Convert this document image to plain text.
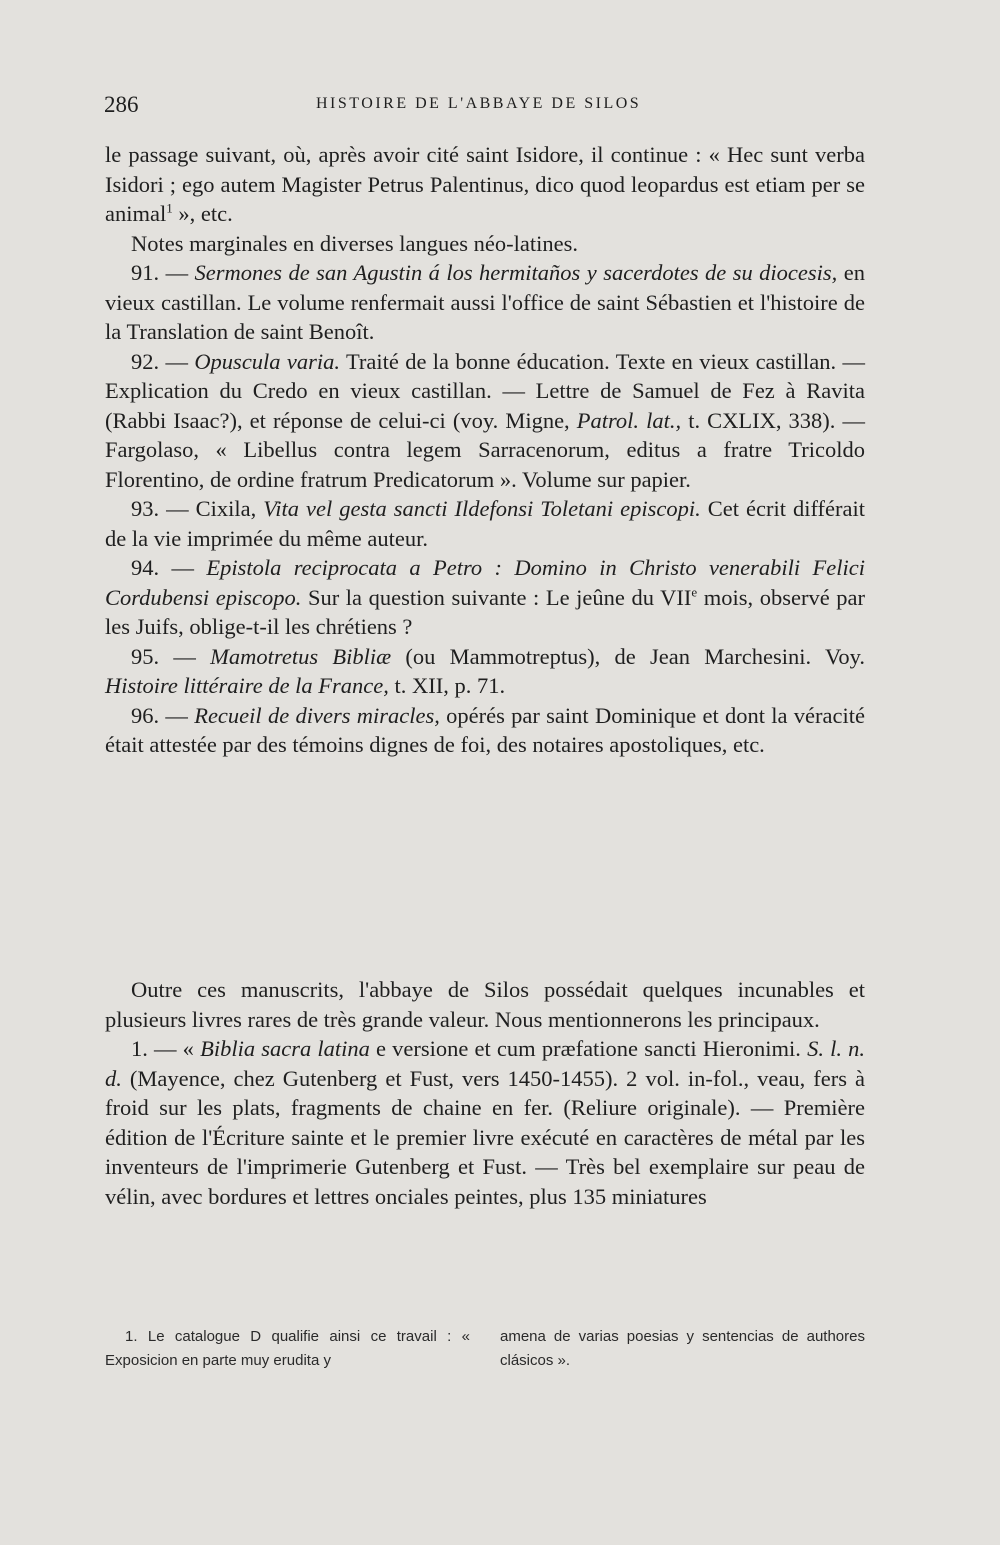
286	HISTOIRE DE L'ABBAYE DE SILOS

le passage suivant, où, après avoir cité saint Isidore, il continue : « Hec sunt verba Isidori ; ego autem Magister Petrus Palentinus, dico quod leopardus est etiam per se animal$^1$ », etc.

Notes marginales en diverses langues néo-latines.

91. — Sermones de san Agustin á los hermitaños y sacerdotes de su diocesis, en vieux castillan. Le volume renfermait aussi l'office de saint Sébastien et l'histoire de la Translation de saint Benoît.

92. — Opuscula varia. Traité de la bonne éducation. Texte en vieux castillan. — Explication du Credo en vieux castillan. — Lettre de Samuel de Fez à Ravita (Rabbi Isaac?), et réponse de celui-ci (voy. Migne, Patrol. lat., t. CXLIX, 338). — Fargolaso, « Libellus contra legem Sarracenorum, editus a fratre Tricoldo Florentino, de ordine fratrum Predicatorum ». Volume sur papier.

93. — Cixila, Vita vel gesta sancti Ildefonsi Toletani episcopi. Cet écrit différait de la vie imprimée du même auteur.

94. — Epistola reciprocata a Petro : Domino in Christo venerabili Felici Cordubensi episcopo. Sur la question suivante : Le jeûne du VIIe mois, observé par les Juifs, oblige-t-il les chrétiens ?

95. — Mamotretus Bibliæ (ou Mammotreptus), de Jean Marchesini. Voy. Histoire littéraire de la France, t. XII, p. 71.

96. — Recueil de divers miracles, opérés par saint Dominique et dont la véracité était attestée par des témoins dignes de foi, des notaires apostoliques, etc.

Outre ces manuscrits, l'abbaye de Silos possédait quelques incunables et plusieurs livres rares de très grande valeur. Nous mentionnerons les principaux.

1. — « Biblia sacra latina e versione et cum præfatione sancti Hieronimi. S. l. n. d. (Mayence, chez Gutenberg et Fust, vers 1450-1455). 2 vol. in-fol., veau, fers à froid sur les plats, fragments de chaine en fer. (Reliure originale). — Première édition de l'Écriture sainte et le premier livre exécuté en caractères de métal par les inventeurs de l'imprimerie Gutenberg et Fust. — Très bel exemplaire sur peau de vélin, avec bordures et lettres onciales peintes, plus 135 miniatures

1. Le catalogue D qualifie ainsi ce travail : « Exposicion en parte muy erudita y
amena de varias poesias y sentencias de authores clásicos ».
